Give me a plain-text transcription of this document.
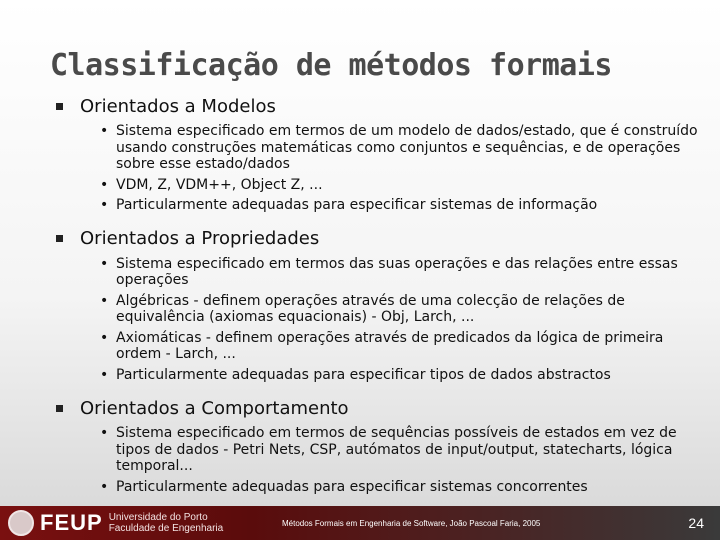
Classificação de métodos formais
Orientados a Modelos
• Sistema especificado em termos de um modelo de dados/estado, que é construído usando construções matemáticas como conjuntos e sequências, e de operações sobre esse estado/dados
• VDM, Z, VDM++, Object Z, ...
• Particularmente adequadas para especificar sistemas de informação
Orientados a Propriedades
• Sistema especificado em termos das suas operações e das relações entre essas operações
• Algébricas - definem operações através de uma colecção de relações de equivalência (axiomas equacionais) - Obj, Larch, ...
• Axiomáticas - definem operações através de predicados da lógica de primeira ordem - Larch, ...
• Particularmente adequadas para especificar tipos de dados abstractos
Orientados a Comportamento
• Sistema especificado em termos de sequências possíveis de estados em vez de tipos de dados - Petri Nets, CSP, autómatos de input/output, statecharts, lógica temporal...
• Particularmente adequadas para especificar sistemas concorrentes
FEUP Universidade do Porto
Faculdade de Engenharia	Métodos Formais em Engenharia de Software, João Pascoal Faria, 2005	24
